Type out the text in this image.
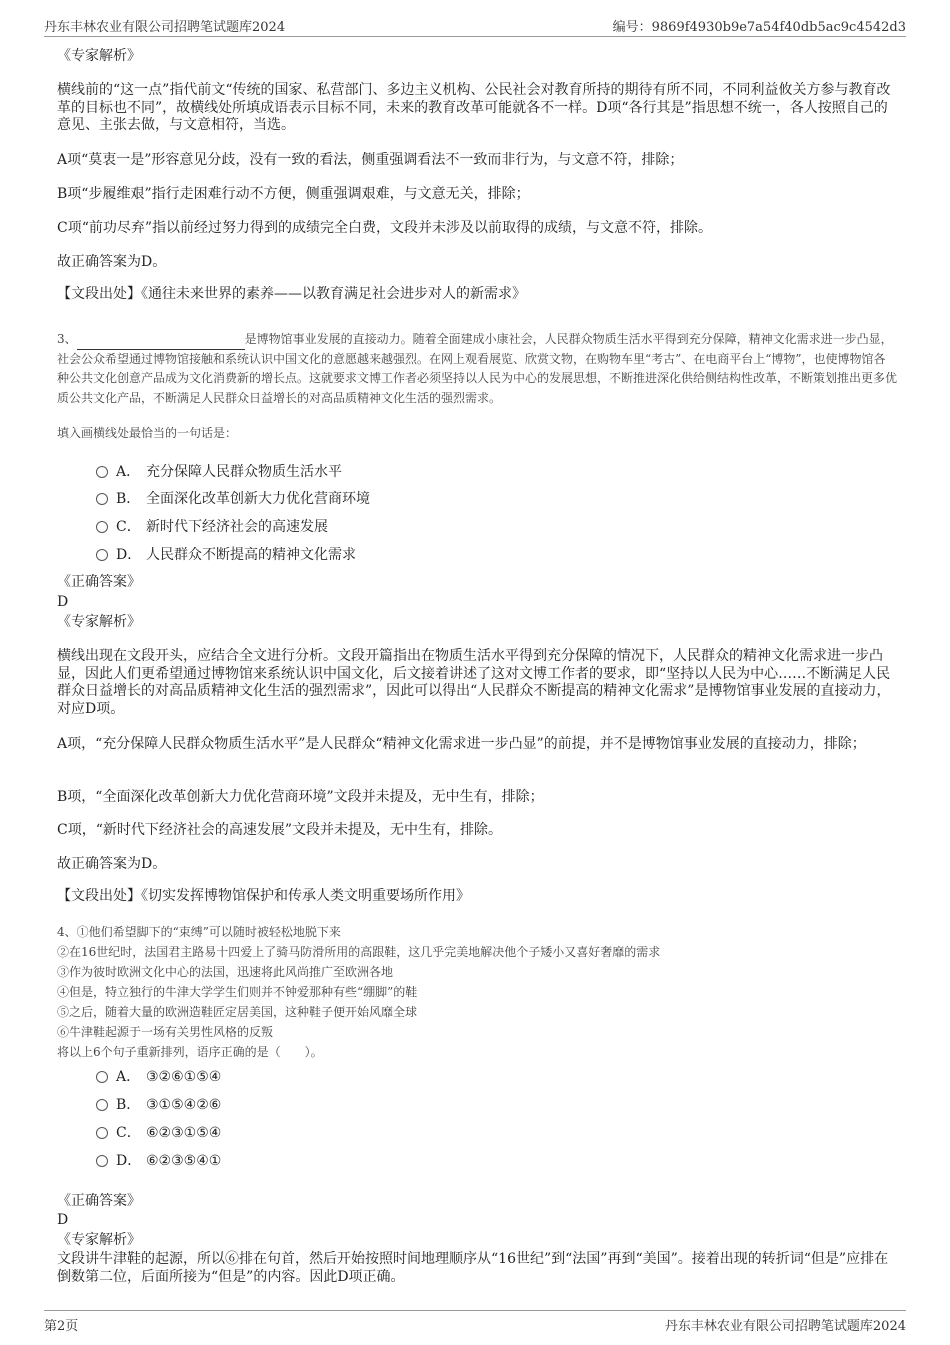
丹东丰林农业有限公司招聘笔试题库2024	编号：9869f4930b9e7a54f40db5ac9c4542d3
《专家解析》
横线前的“这一点”指代前文“传统的国家、私营部门、多边主义机构、公民社会对教育所持的期待有所不同，不同利益攸关方参与教育改革的目标也不同”，故横线处所填成语表示目标不同，未来的教育改革可能就各不一样。D项“各行其是”指思想不统一，各人按照自己的意见、主张去做，与文意相符，当选。
A项“莫衷一是”形容意见分歧，没有一致的看法，侧重强调看法不一致而非行为，与文意不符，排除；
B项“步履维艰”指行走困难行动不方便，侧重强调艰难，与文意无关，排除；
C项“前功尽弃”指以前经过努力得到的成绩完全白费，文段并未涉及以前取得的成绩，与文意不符，排除。
故正确答案为D。
【文段出处】《通往未来世界的素养——以教育满足社会进步对人的新需求》
3、	是博物馆事业发展的直接动力。随着全面建成小康社会，人民群众物质生活水平得到充分保障，精神文化需求进一步凸显，社会公众希望通过博物馆接触和系统认识中国文化的意愿越来越强烈。在网上观看展览、欣赏文物，在购物车里“考古”、在电商平台上“博物”，也使博物馆各种公共文化创意产品成为文化消费新的增长点。这就要求文博工作者必须坚持以人民为中心的发展思想，不断推进深化供给侧结构性改革，不断策划推出更多优质公共文化产品，不断满足人民群众日益增长的对高品质精神文化生活的强烈需求。
填入画横线处最恰当的一句话是：
A． 充分保障人民群众物质生活水平
B． 全面深化改革创新大力优化营商环境
C． 新时代下经济社会的高速发展
D． 人民群众不断提高的精神文化需求
《正确答案》
D
《专家解析》
横线出现在文段开头，应结合全文进行分析。文段开篇指出在物质生活水平得到充分保障的情况下，人民群众的精神文化需求进一步凸显，因此人们更希望通过博物馆来系统认识中国文化，后文接着讲述了这对文博工作者的要求，即“坚持以人民为中心……不断满足人民群众日益增长的对高品质精神文化生活的强烈需求”，因此可以得出“人民群众不断提高的精神文化需求”是博物馆事业发展的直接动力，对应D项。
A项，“充分保障人民群众物质生活水平”是人民群众“精神文化需求进一步凸显”的前提，并不是博物馆事业发展的直接动力，排除；
B项，“全面深化改革创新大力优化营商环境”文段并未提及，无中生有，排除；
C项，“新时代下经济社会的高速发展”文段并未提及，无中生有，排除。
故正确答案为D。
【文段出处】《切实发挥博物馆保护和传承人类文明重要场所作用》
4、①他们希望脚下的“束缚”可以随时被轻松地脱下来
②在16世纪时，法国君主路易十四爱上了骑马防滑所用的高跟鞋，这几乎完美地解决他个子矮小又喜好奢靡的需求
③作为彼时欧洲文化中心的法国，迅速将此风尚推广至欧洲各地
④但是，特立独行的牛津大学学生们则并不钟爱那种有些“绷脚”的鞋
⑤之后，随着大量的欧洲造鞋匠定居美国，这种鞋子便开始风靡全球
⑥牛津鞋起源于一场有关男性风格的反叛
将以上6个句子重新排列，语序正确的是（　　）。
A． ③②⑥①⑤④
B． ③①⑤④②⑥
C． ⑥②③①⑤④
D． ⑥②③⑤④①
《正确答案》
D
《专家解析》
文段讲牛津鞋的起源，所以⑥排在句首，然后开始按照时间地理顺序从“16世纪”到“法国”再到“美国”。接着出现的转折词“但是”应排在倒数第二位，后面所接为“但是”的内容。因此D项正确。
第2页	丹东丰林农业有限公司招聘笔试题库2024
